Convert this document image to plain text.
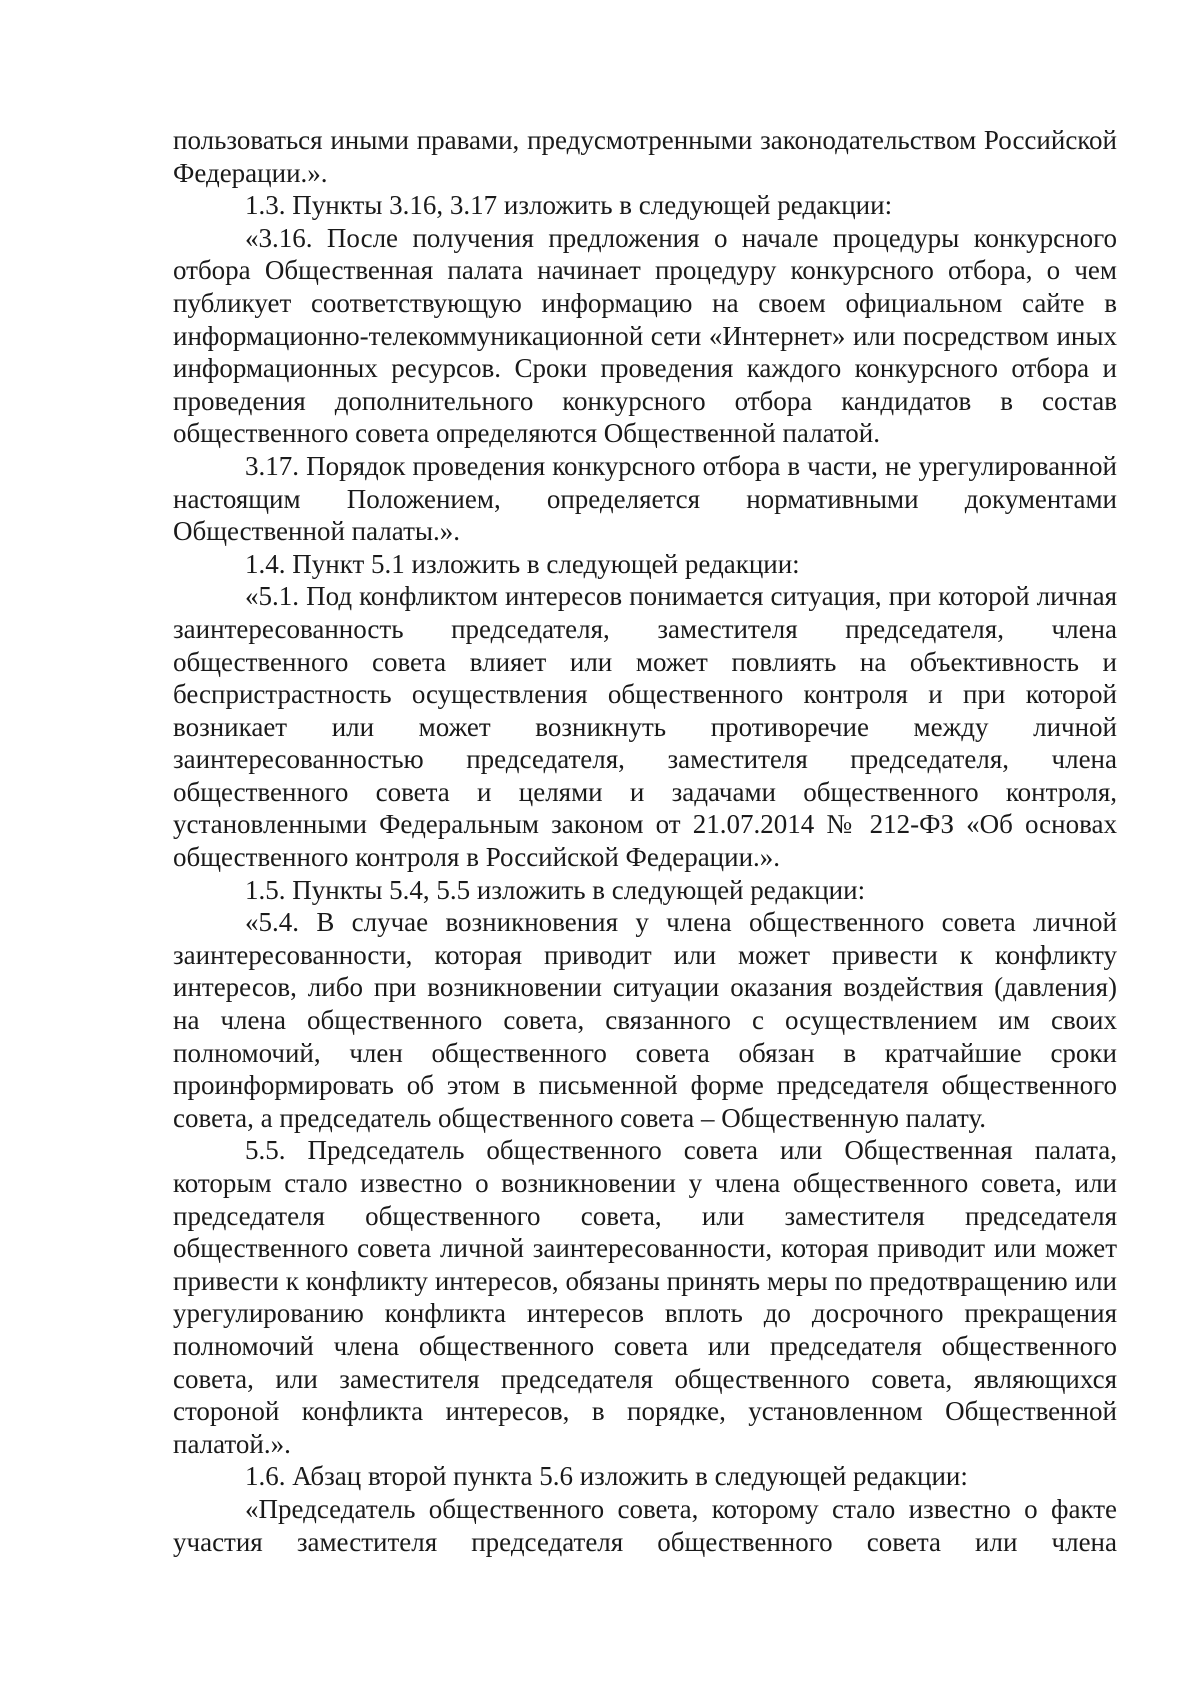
пользоваться иными правами, предусмотренными законодательством Российской Федерации.».

1.3. Пункты 3.16, 3.17 изложить в следующей редакции:

«3.16. После получения предложения о начале процедуры конкурсного отбора Общественная палата начинает процедуру конкурсного отбора, о чем публикует соответствующую информацию на своем официальном сайте в информационно-телекоммуникационной сети «Интернет» или посредством иных информационных ресурсов. Сроки проведения каждого конкурсного отбора и проведения дополнительного конкурсного отбора кандидатов в состав общественного совета определяются Общественной палатой.

3.17. Порядок проведения конкурсного отбора в части, не урегулированной настоящим Положением, определяется нормативными документами Общественной палаты.».

1.4. Пункт 5.1 изложить в следующей редакции:

«5.1. Под конфликтом интересов понимается ситуация, при которой личная заинтересованность председателя, заместителя председателя, члена общественного совета влияет или может повлиять на объективность и беспристрастность осуществления общественного контроля и при которой возникает или может возникнуть противоречие между личной заинтересованностью председателя, заместителя председателя, члена общественного совета и целями и задачами общественного контроля, установленными Федеральным законом от 21.07.2014 № 212-ФЗ «Об основах общественного контроля в Российской Федерации.».

1.5. Пункты 5.4, 5.5 изложить в следующей редакции:

«5.4. В случае возникновения у члена общественного совета личной заинтересованности, которая приводит или может привести к конфликту интересов, либо при возникновении ситуации оказания воздействия (давления) на члена общественного совета, связанного с осуществлением им своих полномочий, член общественного совета обязан в кратчайшие сроки проинформировать об этом в письменной форме председателя общественного совета, а председатель общественного совета – Общественную палату.

5.5. Председатель общественного совета или Общественная палата, которым стало известно о возникновении у члена общественного совета, или председателя общественного совета, или заместителя председателя общественного совета личной заинтересованности, которая приводит или может привести к конфликту интересов, обязаны принять меры по предотвращению или урегулированию конфликта интересов вплоть до досрочного прекращения полномочий члена общественного совета или председателя общественного совета, или заместителя председателя общественного совета, являющихся стороной конфликта интересов, в порядке, установленном Общественной палатой.».

1.6. Абзац второй пункта 5.6 изложить в следующей редакции:

«Председатель общественного совета, которому стало известно о факте участия заместителя председателя общественного совета или члена
